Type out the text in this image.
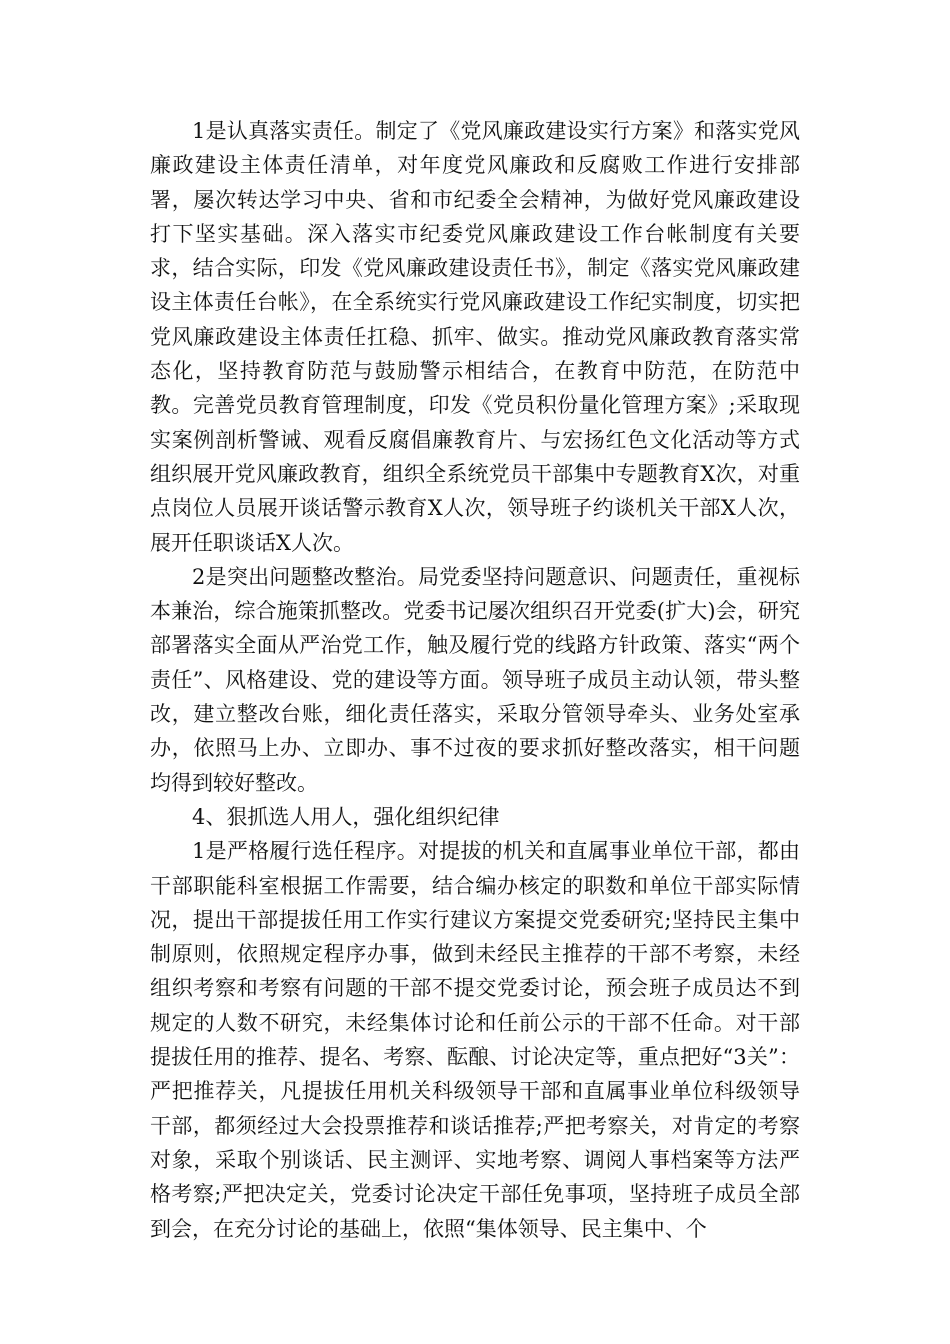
1是认真落实责任。制定了《党风廉政建设实行方案》和落实党风廉政建设主体责任清单，对年度党风廉政和反腐败工作进行安排部署，屡次转达学习中央、省和市纪委全会精神，为做好党风廉政建设打下坚实基础。深入落实市纪委党风廉政建设工作台帐制度有关要求，结合实际，印发《党风廉政建设责任书》，制定《落实党风廉政建设主体责任台帐》，在全系统实行党风廉政建设工作纪实制度，切实把党风廉政建设主体责任扛稳、抓牢、做实。推动党风廉政教育落实常态化，坚持教育防范与鼓励警示相结合，在教育中防范，在防范中教。完善党员教育管理制度，印发《党员积份量化管理方案》;采取现实案例剖析警诫、观看反腐倡廉教育片、与宏扬红色文化活动等方式组织展开党风廉政教育，组织全系统党员干部集中专题教育X次，对重点岗位人员展开谈话警示教育X人次，领导班子约谈机关干部X人次，展开任职谈话X人次。

2是突出问题整改整治。局党委坚持问题意识、问题责任，重视标本兼治，综合施策抓整改。党委书记屡次组织召开党委(扩大)会，研究部署落实全面从严治党工作，触及履行党的线路方针政策、落实“两个责任”、风格建设、党的建设等方面。领导班子成员主动认领，带头整改，建立整改台账，细化责任落实，采取分管领导牵头、业务处室承办，依照马上办、立即办、事不过夜的要求抓好整改落实，相干问题均得到较好整改。

4、狠抓选人用人，强化组织纪律

1是严格履行选任程序。对提拔的机关和直属事业单位干部，都由干部职能科室根据工作需要，结合编办核定的职数和单位干部实际情况，提出干部提拔任用工作实行建议方案提交党委研究;坚持民主集中制原则，依照规定程序办事，做到未经民主推荐的干部不考察，未经组织考察和考察有问题的干部不提交党委讨论，预会班子成员达不到规定的人数不研究，未经集体讨论和任前公示的干部不任命。对干部提拔任用的推荐、提名、考察、酝酿、讨论决定等，重点把好“3关”：严把推荐关，凡提拔任用机关科级领导干部和直属事业单位科级领导干部，都须经过大会投票推荐和谈话推荐;严把考察关，对肯定的考察对象，采取个别谈话、民主测评、实地考察、调阅人事档案等方法严格考察;严把决定关，党委讨论决定干部任免事项，坚持班子成员全部到会，在充分讨论的基础上，依照“集体领导、民主集中、个
